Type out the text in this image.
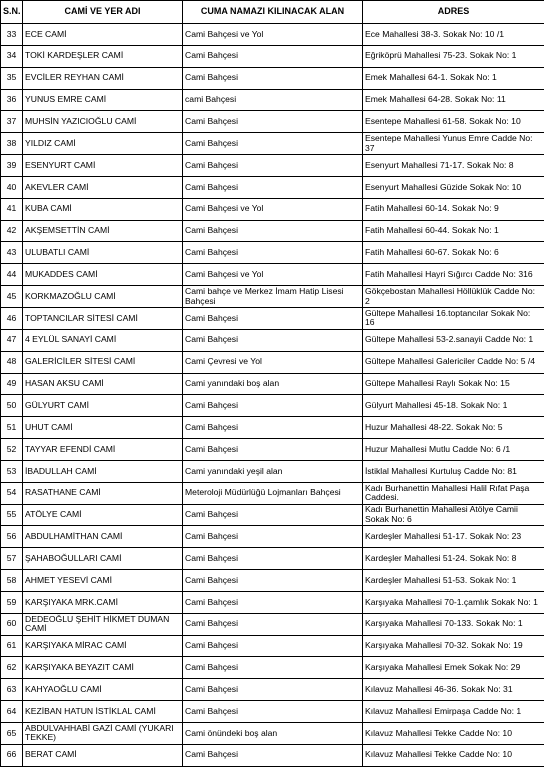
S.N.	CAMİ VE YER ADI	CUMA NAMAZI KILINACAK ALAN	ADRES
33	ECE CAMİ	Cami Bahçesi ve Yol	Ece Mahallesi 38-3. Sokak No: 10 /1
34	TOKİ KARDEŞLER CAMİ	Cami Bahçesi	Eğriköprü Mahallesi 75-23. Sokak No: 1
35	EVCİLER REYHAN CAMİ	Cami Bahçesi	Emek Mahallesi 64-1. Sokak No: 1
36	YUNUS EMRE CAMİ	cami Bahçesi	Emek Mahallesi 64-28. Sokak No: 11
37	MUHSİN YAZICIOĞLU CAMİ	Cami Bahçesi	Esentepe Mahallesi 61-58. Sokak No: 10
38	YILDIZ CAMİ	Cami Bahçesi	Esentepe Mahallesi Yunus Emre Cadde No: 37
39	ESENYURT CAMİ	Cami Bahçesi	Esenyurt Mahallesi 71-17. Sokak No: 8
40	AKEVLER CAMİ	Cami Bahçesi	Esenyurt Mahallesi Güzide Sokak No: 10
41	KUBA CAMİ	Cami Bahçesi ve Yol	Fatih Mahallesi 60-14. Sokak No: 9
42	AKŞEMSETTİN CAMİ	Cami Bahçesi	Fatih Mahallesi 60-44. Sokak No: 1
43	ULUBATLI CAMİ	Cami Bahçesi	Fatih Mahallesi 60-67. Sokak No: 6
44	MUKADDES CAMİ	Cami Bahçesi ve Yol	Fatih Mahallesi Hayri Sığırcı Cadde No: 316
45	KORKMAZOĞLU CAMİ	Cami bahçe ve Merkez İmam Hatip Lisesi Bahçesi	Gökçebostan Mahallesi Höllüklük Cadde No: 2
46	TOPTANCILAR SİTESİ CAMİ	Cami Bahçesi	Gültepe Mahallesi 16.toptancılar Sokak No: 16
47	4 EYLÜL SANAYİ CAMİ	Cami Bahçesi	Gültepe Mahallesi 53-2.sanayii Cadde No: 1
48	GALERİCİLER SİTESİ CAMİ	Cami Çevresi ve Yol	Gültepe Mahallesi Galericiler Cadde No: 5 /4
49	HASAN AKSU CAMİ	Cami yanındaki boş alan	Gültepe Mahallesi Raylı Sokak No: 15
50	GÜLYURT CAMİ	Cami Bahçesi	Gülyurt Mahallesi 45-18. Sokak No: 1
51	UHUT CAMİ	Cami Bahçesi	Huzur Mahallesi 48-22. Sokak No: 5
52	TAYYAR EFENDİ CAMİ	Cami Bahçesi	Huzur Mahallesi Mutlu Cadde No: 6 /1
53	İBADULLAH CAMİ	Cami yanındaki yeşil alan	İstiklal Mahallesi Kurtuluş Cadde No: 81
54	RASATHANE CAMİ	Meteroloji Müdürlüğü Lojmanları Bahçesi	Kadı Burhanettin Mahallesi Halil Rıfat Paşa Caddesi.
55	ATÖLYE CAMİ	Cami Bahçesi	Kadı Burhanettin Mahallesi Atölye Camii Sokak No: 6
56	ABDULHAMİTHAN CAMİ	Cami Bahçesi	Kardeşler Mahallesi 51-17. Sokak No: 23
57	ŞAHABOĞULLARI CAMİ	Cami Bahçesi	Kardeşler Mahallesi 51-24. Sokak No: 8
58	AHMET YESEVİ CAMİ	Cami Bahçesi	Kardeşler Mahallesi 51-53. Sokak No: 1
59	KARŞIYAKA MRK.CAMİ	Cami Bahçesi	Karşıyaka Mahallesi 70-1.çamlık Sokak No: 1
60	DEDEOĞLU ŞEHİT HİKMET DUMAN CAMİ	Cami Bahçesi	Karşıyaka Mahallesi 70-133. Sokak No: 1
61	KARŞIYAKA MİRAC CAMİ	Cami Bahçesi	Karşıyaka Mahallesi 70-32. Sokak No: 19
62	KARŞIYAKA BEYAZIT CAMİ	Cami Bahçesi	Karşıyaka Mahallesi Emek Sokak No: 29
63	KAHYAOĞLU CAMİ	Cami Bahçesi	Kılavuz Mahallesi 46-36. Sokak No: 31
64	KEZİBAN HATUN İSTİKLAL CAMİ	Cami Bahçesi	Kılavuz Mahallesi Emirpaşa Cadde No: 1
65	ABDULVAHHABİ GAZİ CAMİ (YUKARI TEKKE)	Cami önündeki boş alan	Kılavuz Mahallesi Tekke Cadde No: 10
66	BERAT CAMİ	Cami Bahçesi	Kılavuz Mahallesi Tekke Cadde No: 10
